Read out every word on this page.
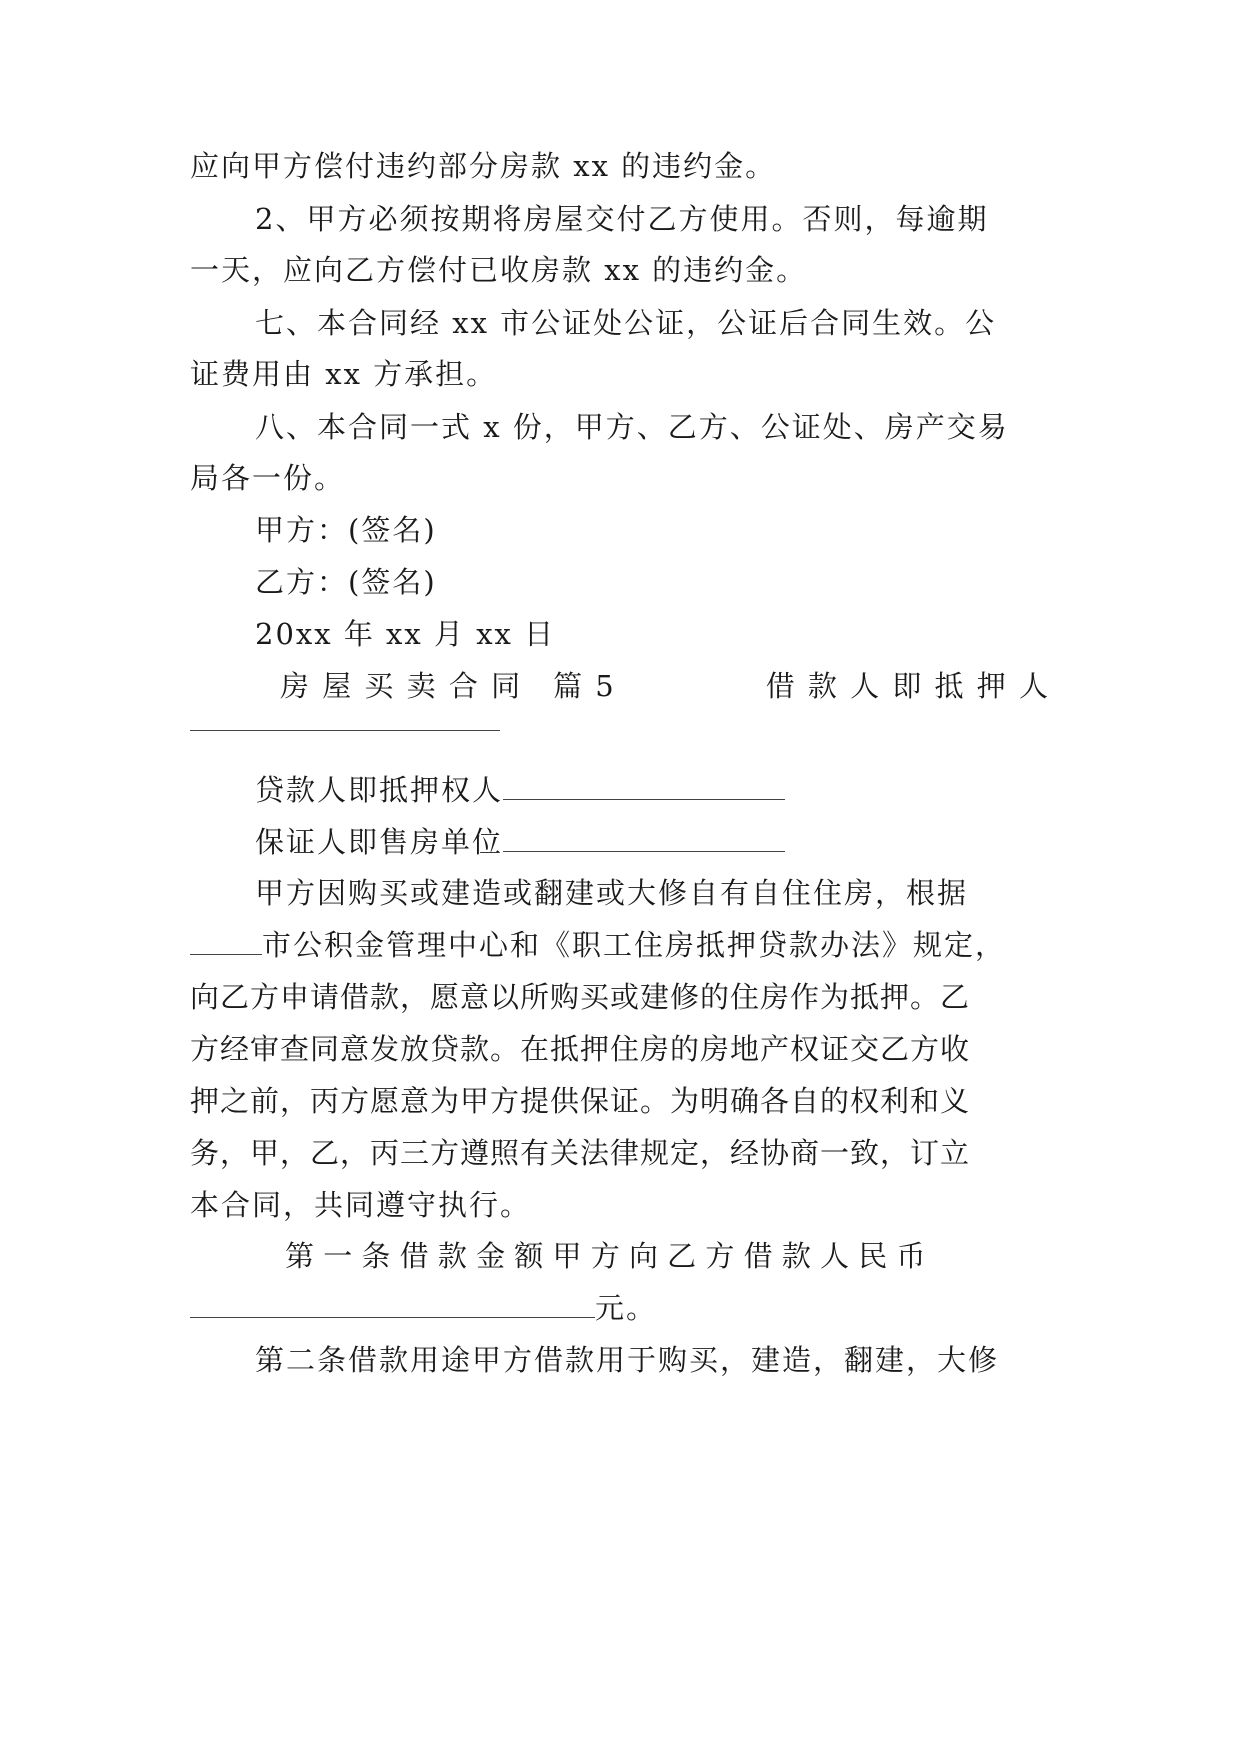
应向甲方偿付违约部分房款 xx 的违约金。
2、甲方必须按期将房屋交付乙方使用。否则，每逾期
一天，应向乙方偿付已收房款 xx 的违约金。
七、本合同经 xx 市公证处公证，公证后合同生效。公
证费用由 xx 方承担。
八、本合同一式 x 份，甲方、乙方、公证处、房产交易
局各一份。
甲方：(签名)
乙方：(签名)
20xx 年 xx 月 xx 日
房 屋 买 卖 合 同　篇 5	借 款 人 即 抵 押 人
贷款人即抵押权人
保证人即售房单位
甲方因购买或建造或翻建或大修自有自住住房，根据
市公积金管理中心和《职工住房抵押贷款办法》规定，
向乙方申请借款，愿意以所购买或建修的住房作为抵押。乙
方经审查同意发放贷款。在抵押住房的房地产权证交乙方收
押之前，丙方愿意为甲方提供保证。为明确各自的权利和义
务，甲，乙，丙三方遵照有关法律规定，经协商一致，订立
本合同，共同遵守执行。
第 一 条 借 款 金 额 甲 方 向 乙 方 借 款 人 民 币
元。
第二条借款用途甲方借款用于购买，建造，翻建，大修
